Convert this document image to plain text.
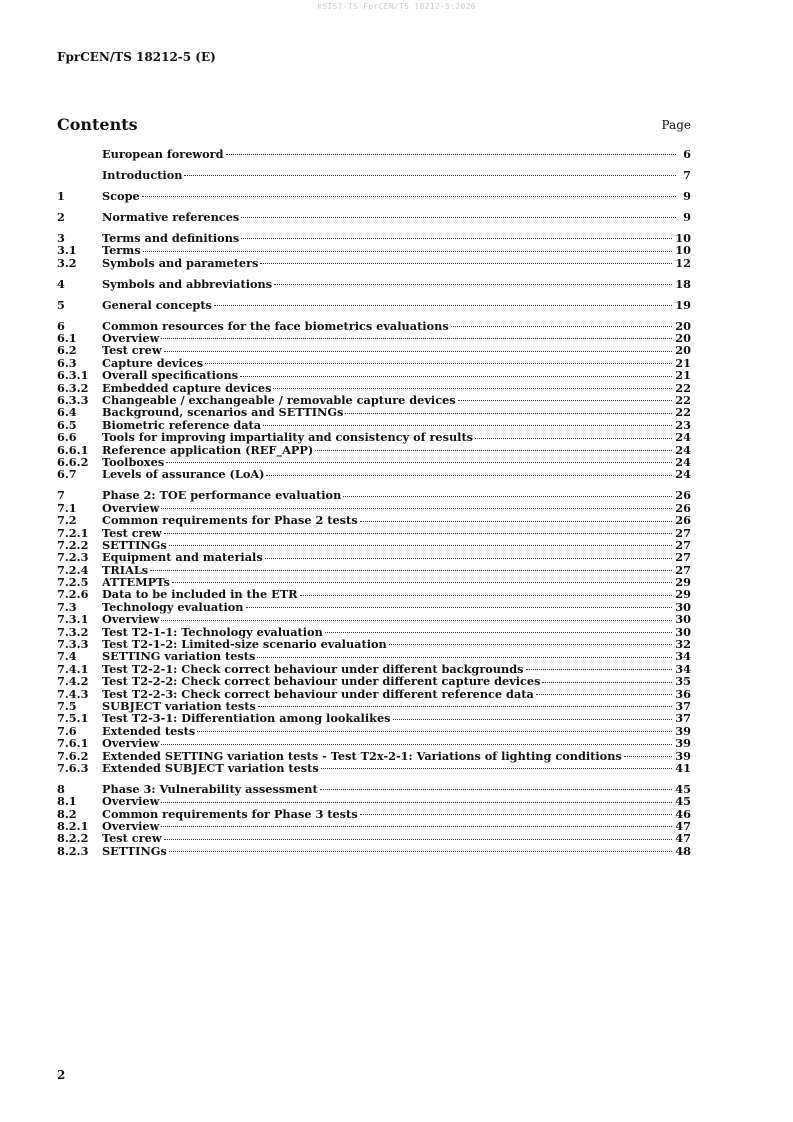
kSIST-TS FprCEN/TS 18212-5:2026
FprCEN/TS 18212-5 (E)
Contents	Page
European foreword	6
Introduction	7
1	Scope	9
2	Normative references	9
3	Terms and definitions	10
3.1	Terms	10
3.2	Symbols and parameters	12
4	Symbols and abbreviations	18
5	General concepts	19
6	Common resources for the face biometrics evaluations	20
6.1	Overview	20
6.2	Test crew	20
6.3	Capture devices	21
6.3.1	Overall specifications	21
6.3.2	Embedded capture devices	22
6.3.3	Changeable / exchangeable / removable capture devices	22
6.4	Background, scenarios and SETTINGs	22
6.5	Biometric reference data	23
6.6	Tools for improving impartiality and consistency of results	24
6.6.1	Reference application (REF_APP)	24
6.6.2	Toolboxes	24
6.7	Levels of assurance (LoA)	24
7	Phase 2: TOE performance evaluation	26
7.1	Overview	26
7.2	Common requirements for Phase 2 tests	26
7.2.1	Test crew	27
7.2.2	SETTINGs	27
7.2.3	Equipment and materials	27
7.2.4	TRIALs	27
7.2.5	ATTEMPTs	29
7.2.6	Data to be included in the ETR	29
7.3	Technology evaluation	30
7.3.1	Overview	30
7.3.2	Test T2-1-1: Technology evaluation	30
7.3.3	Test T2-1-2: Limited-size scenario evaluation	32
7.4	SETTING variation tests	34
7.4.1	Test T2-2-1: Check correct behaviour under different backgrounds	34
7.4.2	Test T2-2-2: Check correct behaviour under different capture devices	35
7.4.3	Test T2-2-3: Check correct behaviour under different reference data	36
7.5	SUBJECT variation tests	37
7.5.1	Test T2-3-1: Differentiation among lookalikes	37
7.6	Extended tests	39
7.6.1	Overview	39
7.6.2	Extended SETTING variation tests - Test T2x-2-1: Variations of lighting conditions	39
7.6.3	Extended SUBJECT variation tests	41
8	Phase 3: Vulnerability assessment	45
8.1	Overview	45
8.2	Common requirements for Phase 3 tests	46
8.2.1	Overview	47
8.2.2	Test crew	47
8.2.3	SETTINGs	48
2
